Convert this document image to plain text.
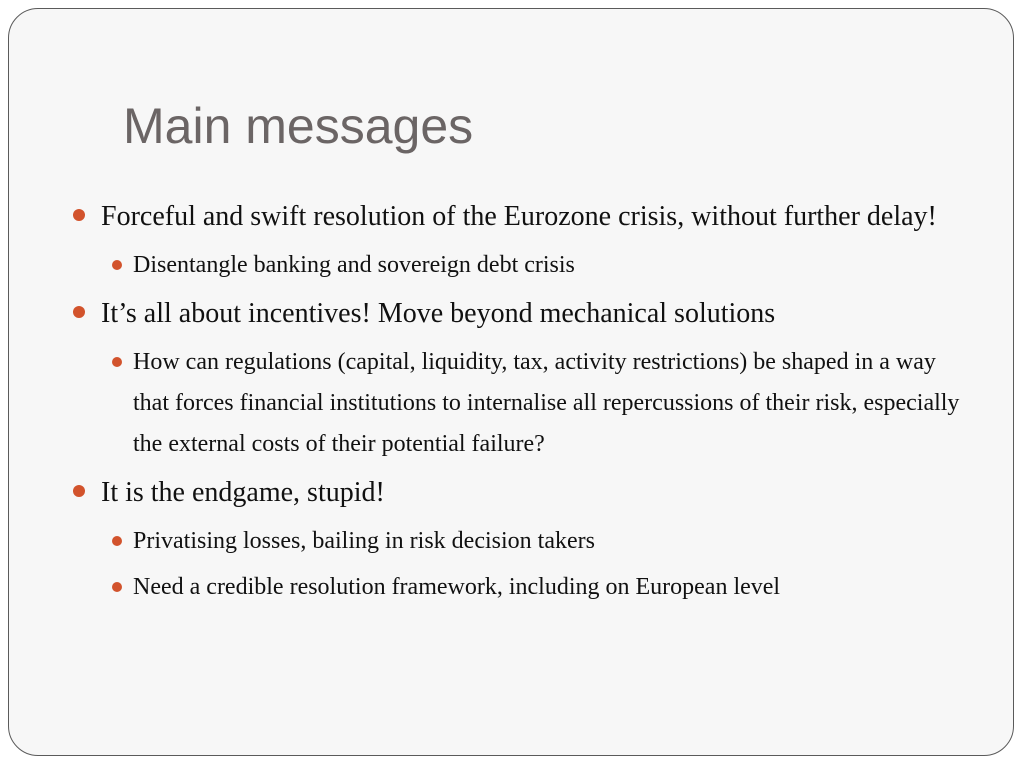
Main messages
Forceful and swift resolution of the Eurozone crisis, without further delay!
Disentangle banking and sovereign debt crisis
It’s all about incentives! Move beyond mechanical solutions
How can regulations (capital, liquidity, tax, activity restrictions) be shaped in a way that forces financial institutions to internalise all repercussions of their risk, especially the external costs of their potential failure?
It is the endgame, stupid!
Privatising losses, bailing in risk decision takers
Need a credible resolution framework, including on European level
